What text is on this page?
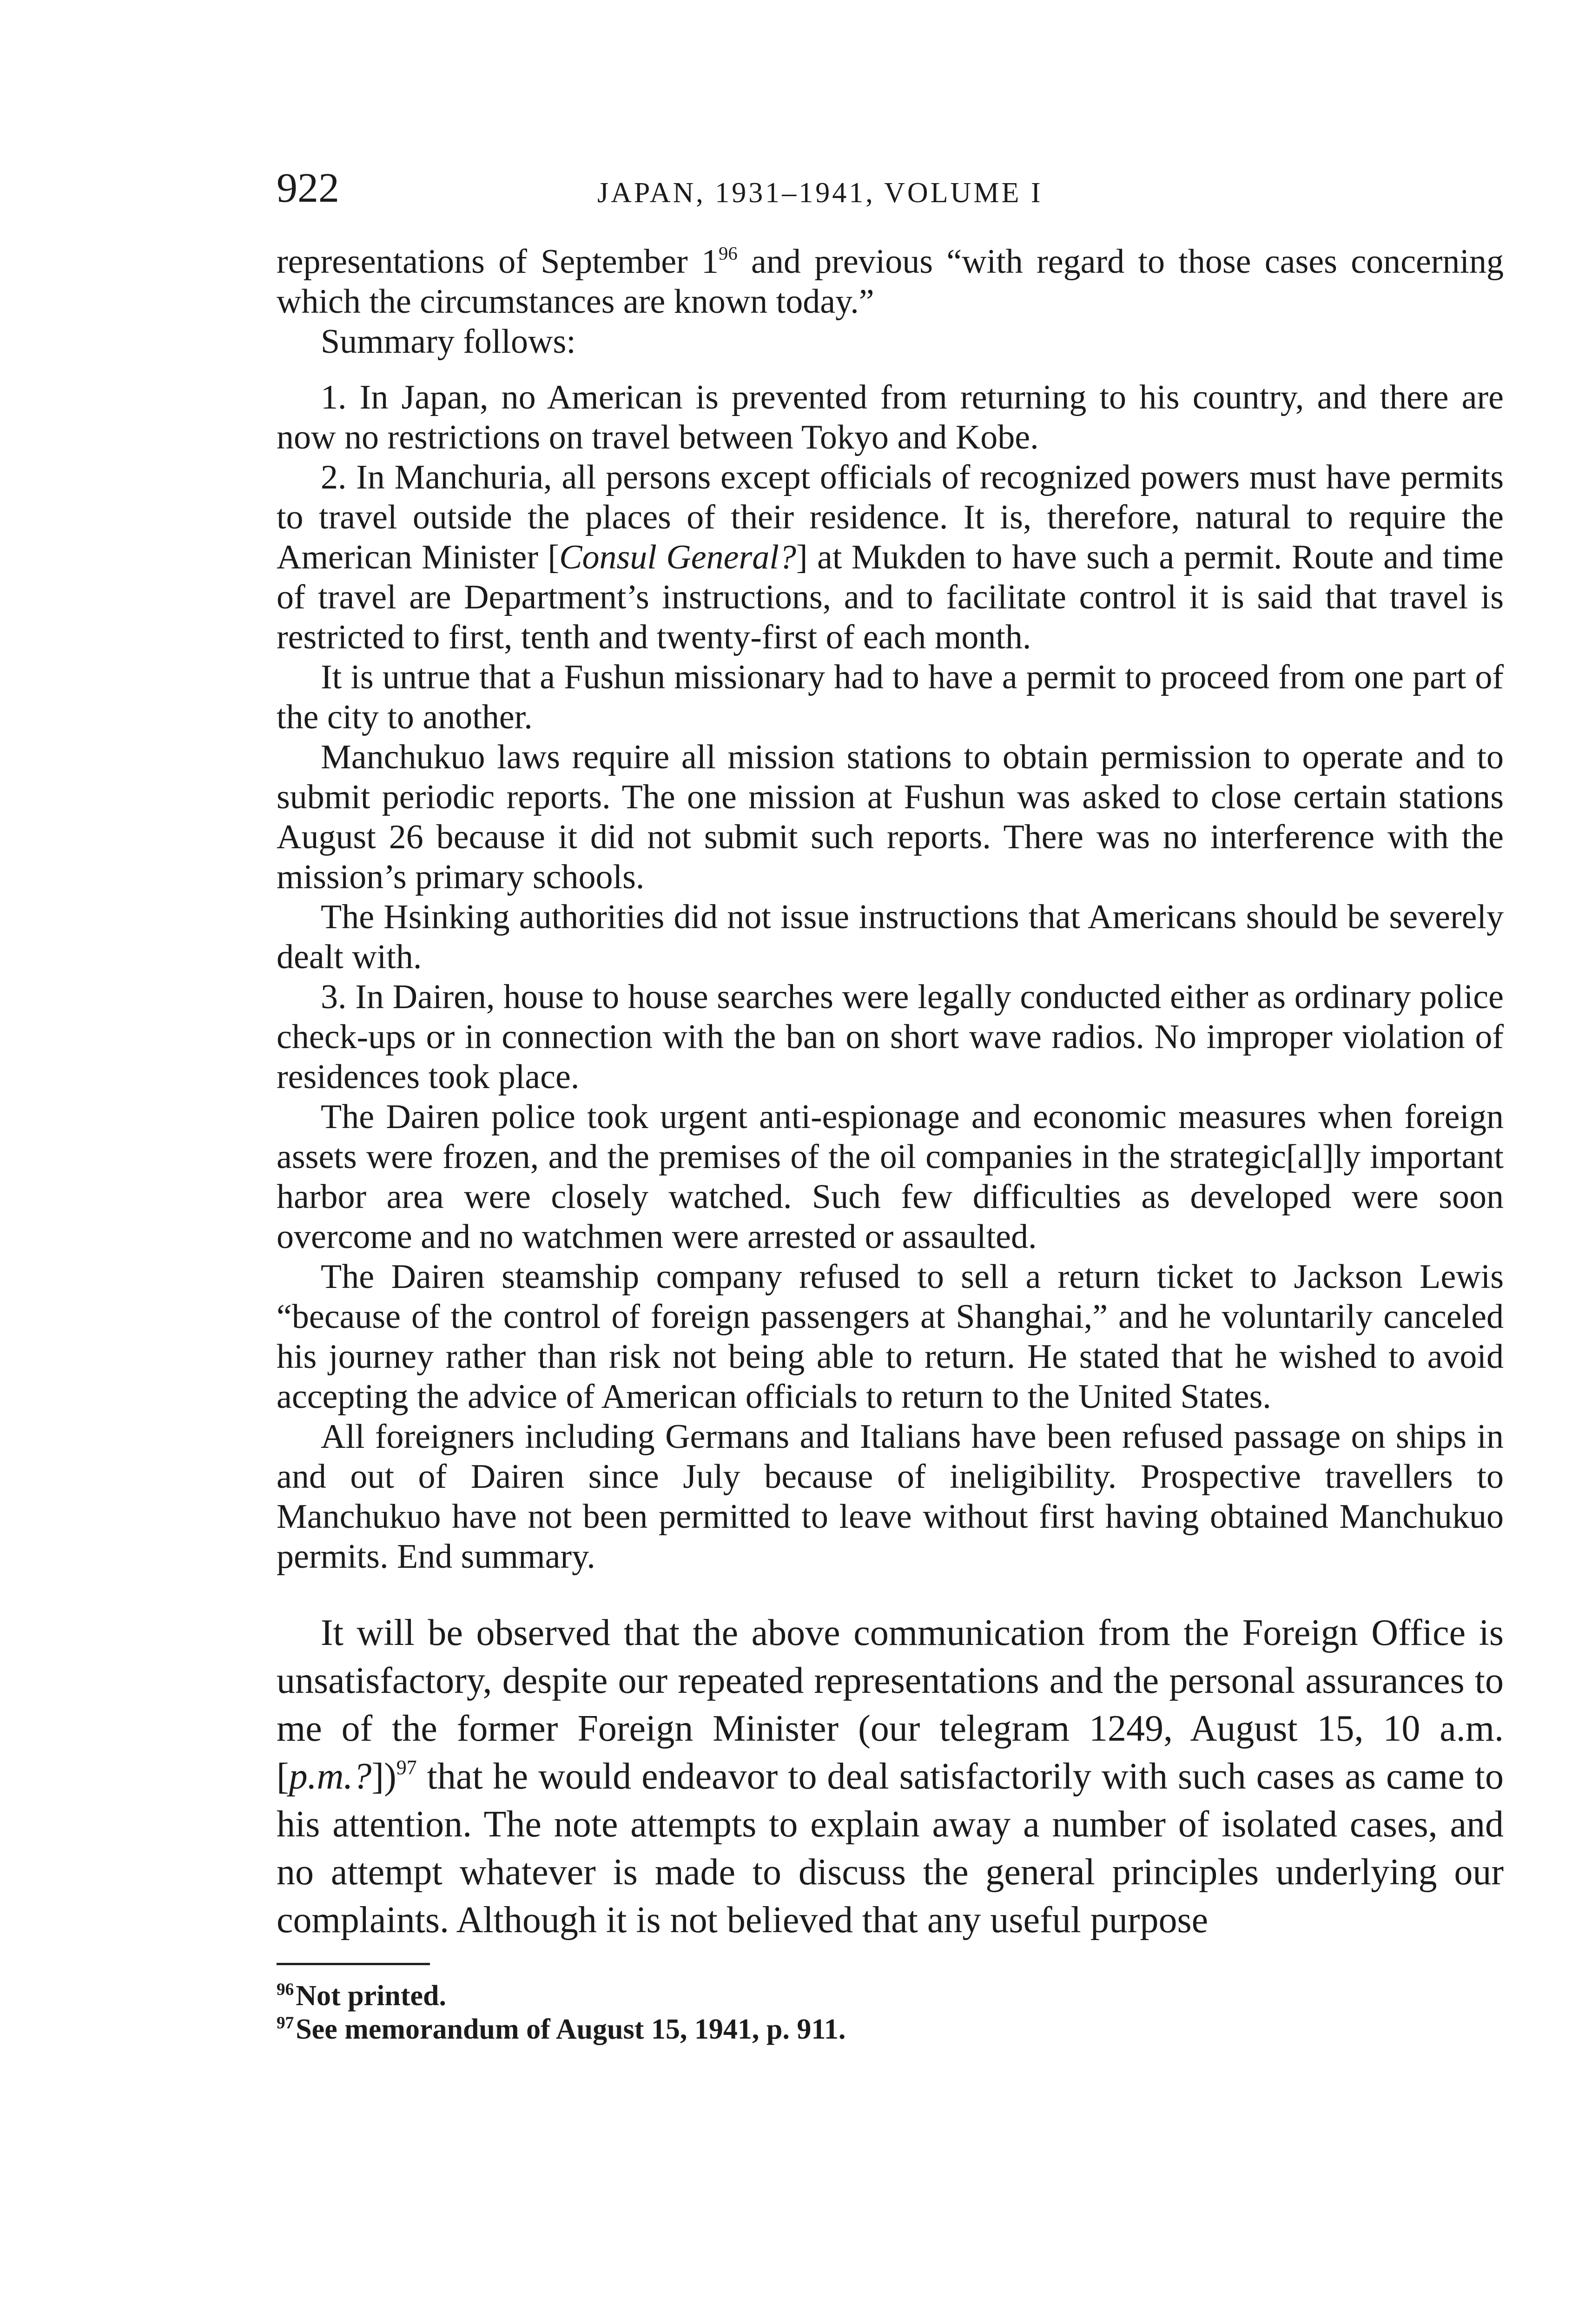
922	JAPAN, 1931–1941, VOLUME I

representations of September $1^{96}$ and previous “with regard to those cases concerning which the circumstances are known today.”

Summary follows:

1. In Japan, no American is prevented from returning to his country, and there are now no restrictions on travel between Tokyo and Kobe.

2. In Manchuria, all persons except officials of recognized powers must have permits to travel outside the places of their residence. It is, therefore, natural to require the American Minister [Consul General?] at Mukden to have such a permit. Route and time of travel are Department’s instructions, and to facilitate control it is said that travel is restricted to first, tenth and twenty-first of each month.

It is untrue that a Fushun missionary had to have a permit to proceed from one part of the city to another.

Manchukuo laws require all mission stations to obtain permission to operate and to submit periodic reports. The one mission at Fushun was asked to close certain stations August 26 because it did not submit such reports. There was no interference with the mission’s primary schools.

The Hsinking authorities did not issue instructions that Americans should be severely dealt with.

3. In Dairen, house to house searches were legally conducted either as ordinary police check-ups or in connection with the ban on short wave radios. No improper violation of residences took place.

The Dairen police took urgent anti-espionage and economic measures when foreign assets were frozen, and the premises of the oil companies in the strategic[al]ly important harbor area were closely watched. Such few difficulties as developed were soon overcome and no watchmen were arrested or assaulted.

The Dairen steamship company refused to sell a return ticket to Jackson Lewis “because of the control of foreign passengers at Shanghai,” and he voluntarily canceled his journey rather than risk not being able to return. He stated that he wished to avoid accepting the advice of American officials to return to the United States.

All foreigners including Germans and Italians have been refused passage on ships in and out of Dairen since July because of ineligibility. Prospective travellers to Manchukuo have not been permitted to leave without first having obtained Manchukuo permits. End summary.

It will be observed that the above communication from the Foreign Office is unsatisfactory, despite our repeated representations and the personal assurances to me of the former Foreign Minister (our telegram 1249, August 15, 10 a.m. [p.m.?])$^{97}$ that he would endeavor to deal satisfactorily with such cases as came to his attention. The note attempts to explain away a number of isolated cases, and no attempt whatever is made to discuss the general principles underlying our complaints. Although it is not believed that any useful purpose

$^{96}$Not printed.

$^{97}$See memorandum of August 15, 1941, p. 911.
